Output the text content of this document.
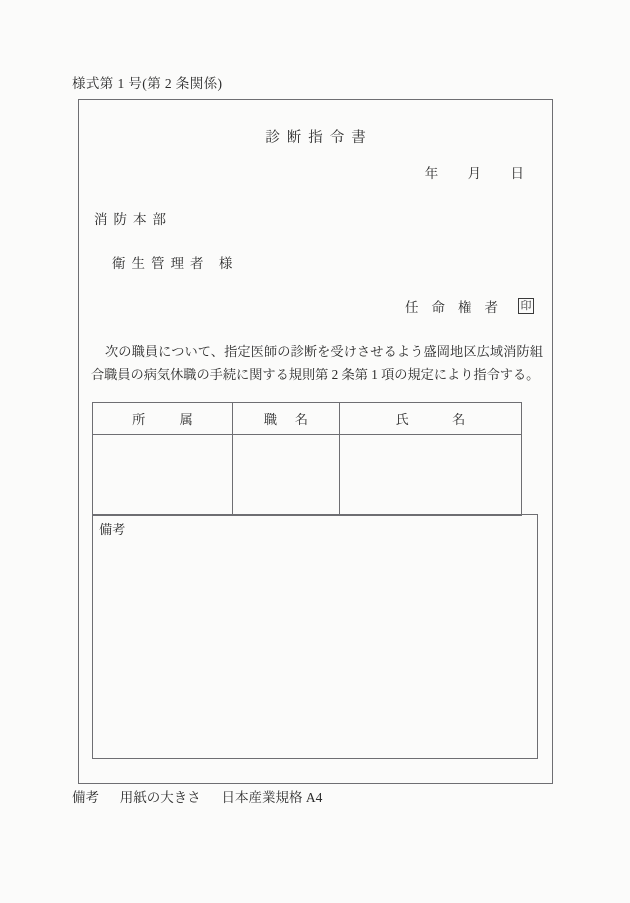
様式第 1 号(第 2 条関係)
診断指令書
年 月 日
消防本部
衛生管理者 様
任命権者 印
次の職員について、指定医師の診断を受けさせるよう盛岡地区広域消防組合職員の病気休職の手続に関する規則第 2 条第 1 項の規定により指令する。
所 属	職 名	氏 名

備考
備考 用紙の大きさ 日本産業規格 A4
